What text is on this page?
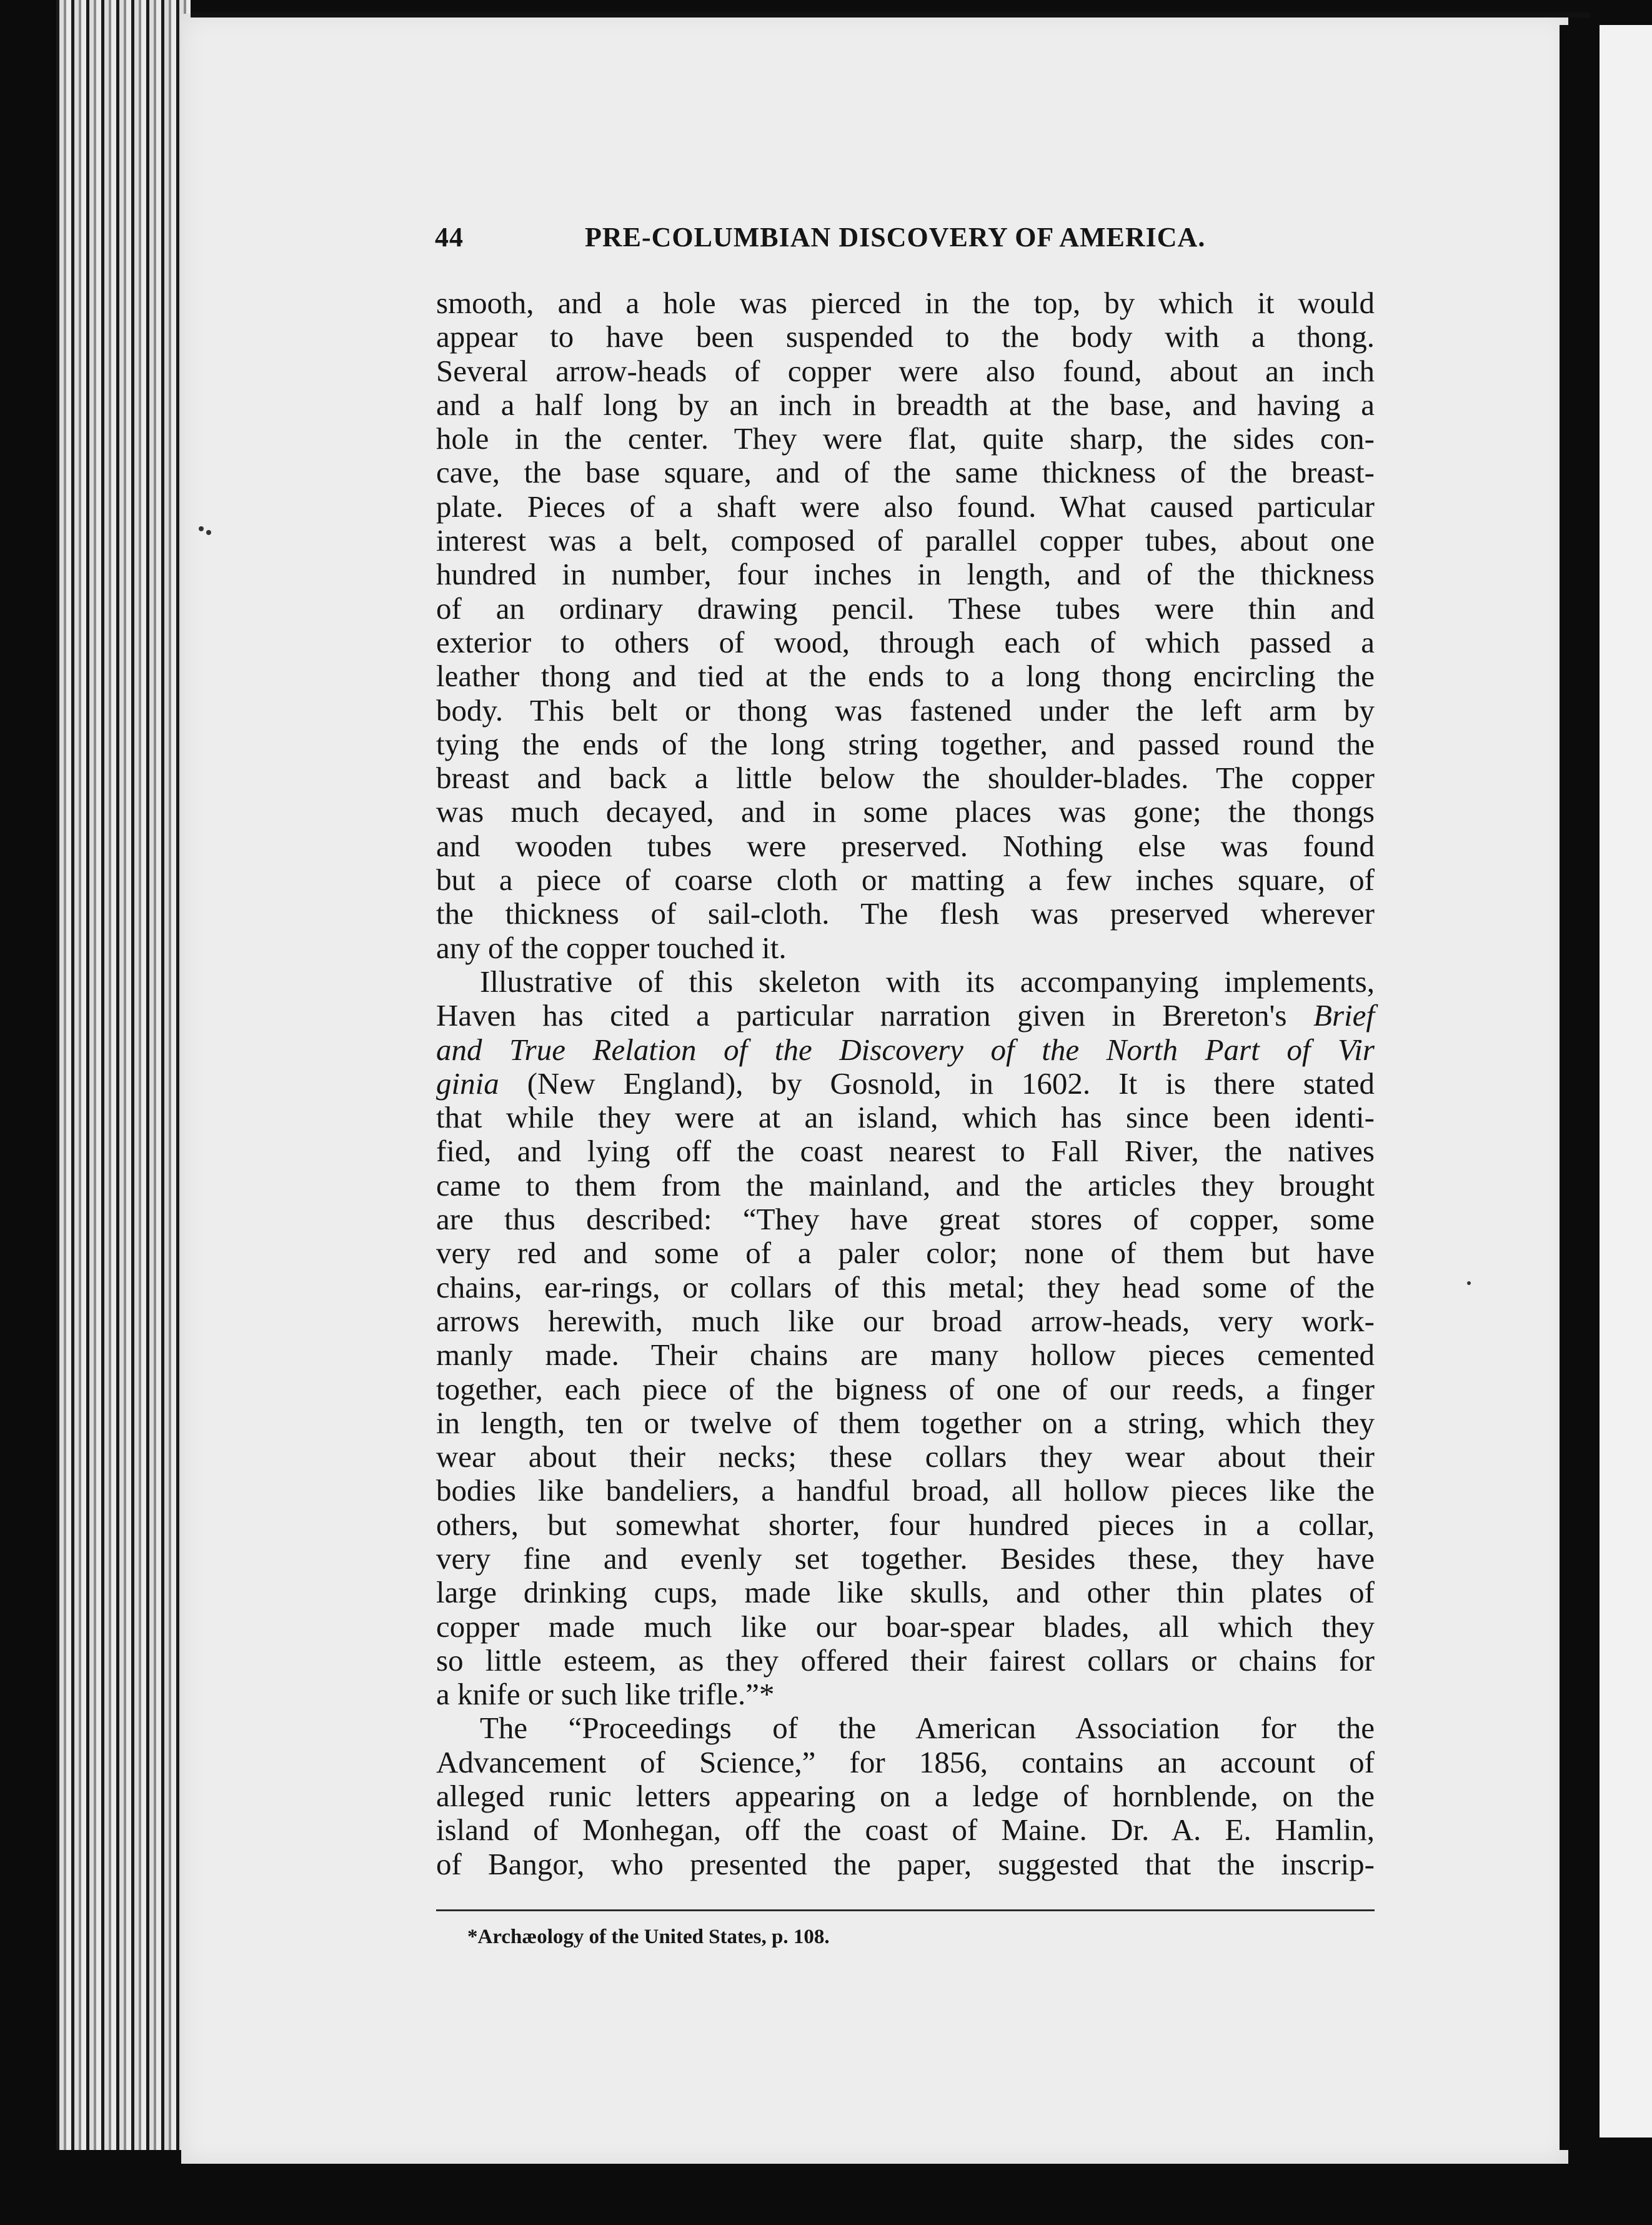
44	PRE-COLUMBIAN DISCOVERY OF AMERICA.
smooth, and a hole was pierced in the top, by which it would
appear to have been suspended to the body with a thong.
Several arrow-heads of copper were also found, about an inch
and a half long by an inch in breadth at the base, and having a
hole in the center. They were flat, quite sharp, the sides con-
cave, the base square, and of the same thickness of the breast-
plate. Pieces of a shaft were also found. What caused particular
interest was a belt, composed of parallel copper tubes, about one
hundred in number, four inches in length, and of the thickness
of an ordinary drawing pencil. These tubes were thin and
exterior to others of wood, through each of which passed a
leather thong and tied at the ends to a long thong encircling the
body. This belt or thong was fastened under the left arm by
tying the ends of the long string together, and passed round the
breast and back a little below the shoulder-blades. The copper
was much decayed, and in some places was gone; the thongs
and wooden tubes were preserved. Nothing else was found
but a piece of coarse cloth or matting a few inches square, of
the thickness of sail-cloth. The flesh was preserved wherever
any of the copper touched it.
Illustrative of this skeleton with its accompanying implements,
Haven has cited a particular narration given in Brereton's Brief
and True Relation of the Discovery of the North Part of Vir
ginia (New England), by Gosnold, in 1602. It is there stated
that while they were at an island, which has since been identi-
fied, and lying off the coast nearest to Fall River, the natives
came to them from the mainland, and the articles they brought
are thus described: “They have great stores of copper, some
very red and some of a paler color; none of them but have
chains, ear-rings, or collars of this metal; they head some of the
arrows herewith, much like our broad arrow-heads, very work-
manly made. Their chains are many hollow pieces cemented
together, each piece of the bigness of one of our reeds, a finger
in length, ten or twelve of them together on a string, which they
wear about their necks; these collars they wear about their
bodies like bandeliers, a handful broad, all hollow pieces like the
others, but somewhat shorter, four hundred pieces in a collar,
very fine and evenly set together. Besides these, they have
large drinking cups, made like skulls, and other thin plates of
copper made much like our boar-spear blades, all which they
so little esteem, as they offered their fairest collars or chains for
a knife or such like trifle.”*
The “Proceedings of the American Association for the
Advancement of Science,” for 1856, contains an account of
alleged runic letters appearing on a ledge of hornblende, on the
island of Monhegan, off the coast of Maine. Dr. A. E. Hamlin,
of Bangor, who presented the paper, suggested that the inscrip-
*Archæology of the United States, p. 108.
